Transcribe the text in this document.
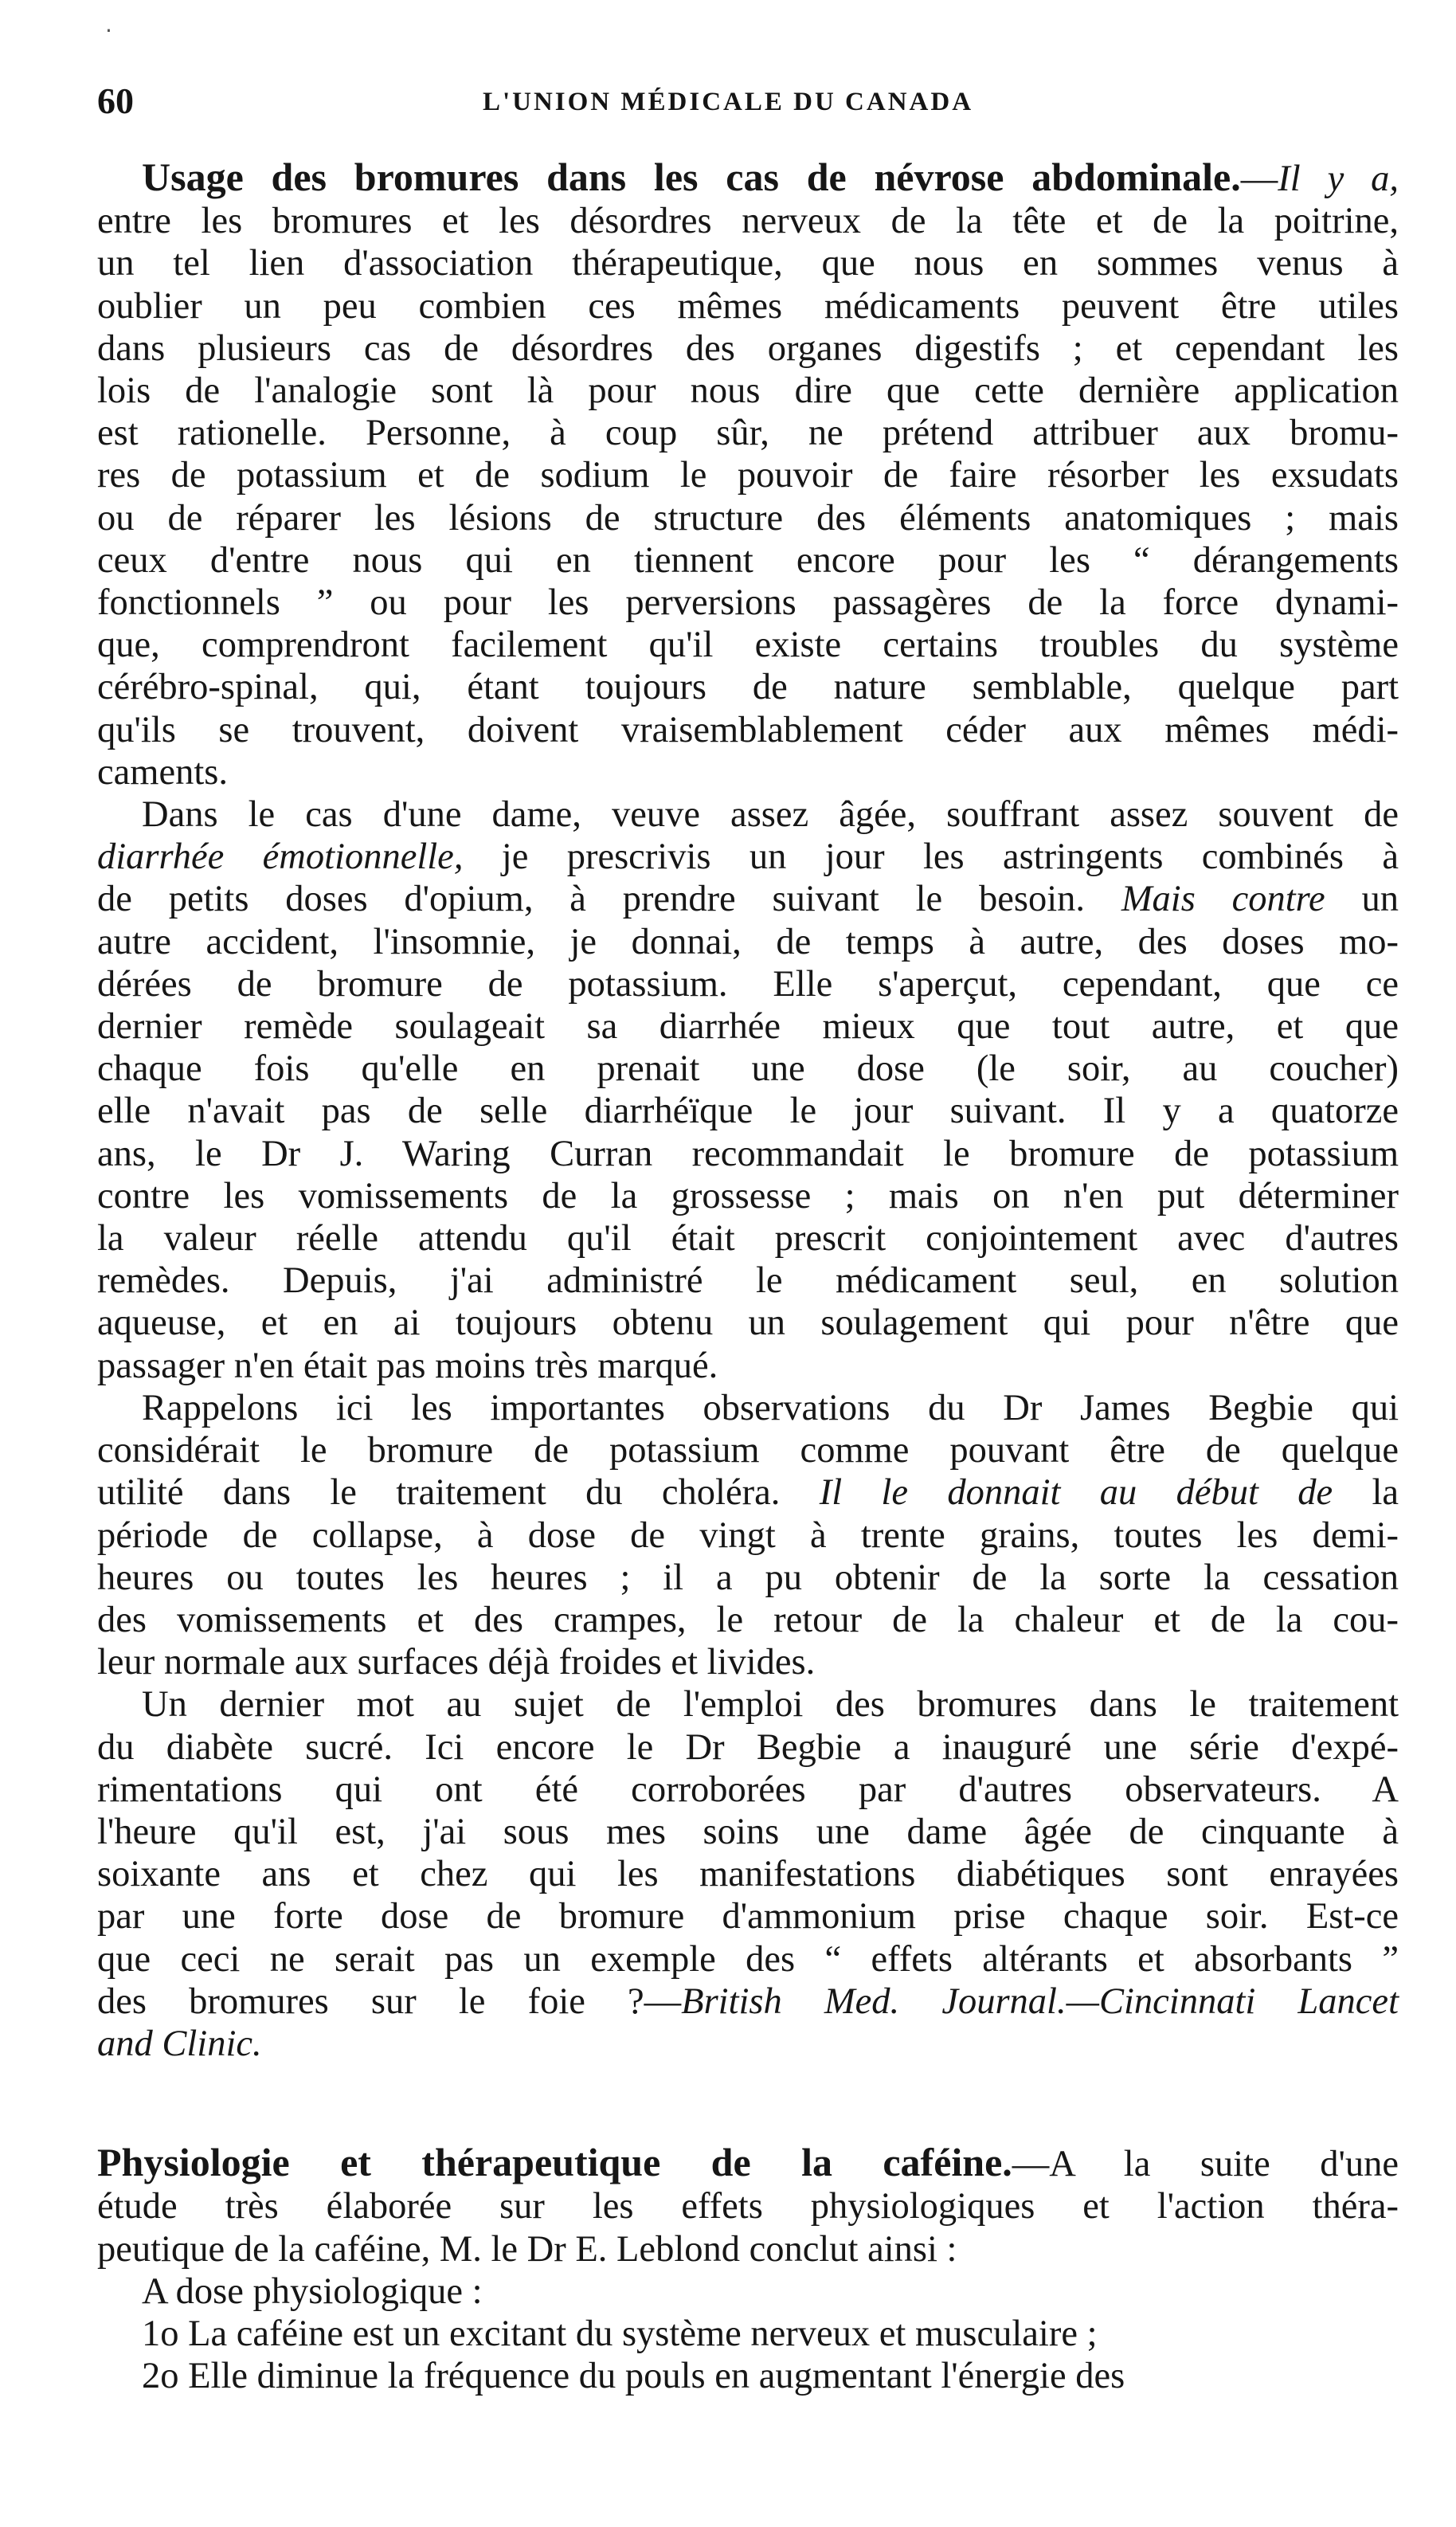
60	L'UNION MÉDICALE DU CANADA
·
Usage des bromures dans les cas de névrose abdominale.—Il y a,
entre les bromures et les désordres nerveux de la tête et de la poitrine,
un tel lien d'association thérapeutique, que nous en sommes venus à
oublier un peu combien ces mêmes médicaments peuvent être utiles
dans plusieurs cas de désordres des organes digestifs ; et cependant les
lois de l'analogie sont là pour nous dire que cette dernière application
est rationelle. Personne, à coup sûr, ne prétend attribuer aux bromu-
res de potassium et de sodium le pouvoir de faire résorber les exsudats
ou de réparer les lésions de structure des éléments anatomiques ; mais
ceux d'entre nous qui en tiennent encore pour les “ dérangements
fonctionnels ” ou pour les perversions passagères de la force dynami-
que, comprendront facilement qu'il existe certains troubles du système
cérébro-spinal, qui, étant toujours de nature semblable, quelque part
qu'ils se trouvent, doivent vraisemblablement céder aux mêmes médi-
caments.
Dans le cas d'une dame, veuve assez âgée, souffrant assez souvent de
diarrhée émotionnelle, je prescrivis un jour les astringents combinés à
de petits doses d'opium, à prendre suivant le besoin. Mais contre un
autre accident, l'insomnie, je donnai, de temps à autre, des doses mo-
dérées de bromure de potassium. Elle s'aperçut, cependant, que ce
dernier remède soulageait sa diarrhée mieux que tout autre, et que
chaque fois qu'elle en prenait une dose (le soir, au coucher)
elle n'avait pas de selle diarrhéïque le jour suivant. Il y a quatorze
ans, le Dr J. Waring Curran recommandait le bromure de potassium
contre les vomissements de la grossesse ; mais on n'en put déterminer
la valeur réelle attendu qu'il était prescrit conjointement avec d'autres
remèdes. Depuis, j'ai administré le médicament seul, en solution
aqueuse, et en ai toujours obtenu un soulagement qui pour n'être que
passager n'en était pas moins très marqué.
Rappelons ici les importantes observations du Dr James Begbie qui
considérait le bromure de potassium comme pouvant être de quelque
utilité dans le traitement du choléra. Il le donnait au début de la
période de collapse, à dose de vingt à trente grains, toutes les demi-
heures ou toutes les heures ; il a pu obtenir de la sorte la cessation
des vomissements et des crampes, le retour de la chaleur et de la cou-
leur normale aux surfaces déjà froides et livides.
Un dernier mot au sujet de l'emploi des bromures dans le traitement
du diabète sucré. Ici encore le Dr Begbie a inauguré une série d'expé-
rimentations qui ont été corroborées par d'autres observateurs. A
l'heure qu'il est, j'ai sous mes soins une dame âgée de cinquante à
soixante ans et chez qui les manifestations diabétiques sont enrayées
par une forte dose de bromure d'ammonium prise chaque soir. Est-ce
que ceci ne serait pas un exemple des “ effets altérants et absorbants ”
des bromures sur le foie ?—British Med. Journal.—Cincinnati Lancet
and Clinic.
Physiologie et thérapeutique de la caféine.—A la suite d'une
étude très élaborée sur les effets physiologiques et l'action théra-
peutique de la caféine, M. le Dr E. Leblond conclut ainsi :
A dose physiologique :
1o La caféine est un excitant du système nerveux et musculaire ;
2o Elle diminue la fréquence du pouls en augmentant l'énergie des
